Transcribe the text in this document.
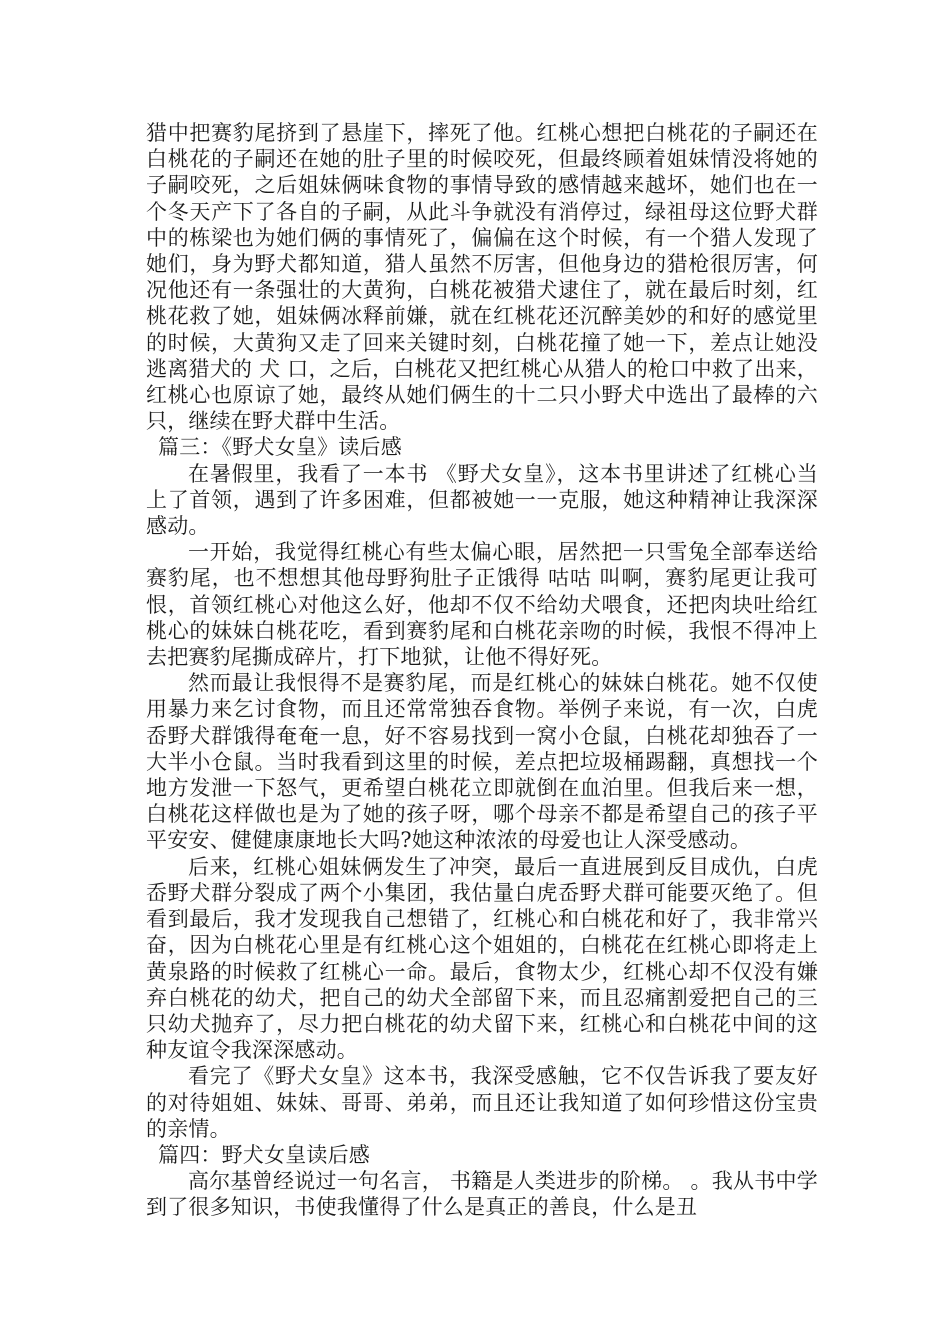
猎中把赛豹尾挤到了悬崖下，摔死了他。红桃心想把白桃花的子嗣还在白桃花的子嗣还在她的肚子里的时候咬死，但最终顾着姐妹情没将她的子嗣咬死，之后姐妹俩味食物的事情导致的感情越来越坏，她们也在一个冬天产下了各自的子嗣，从此斗争就没有消停过，绿祖母这位野犬群中的栋梁也为她们俩的事情死了，偏偏在这个时候，有一个猎人发现了她们，身为野犬都知道，猎人虽然不厉害，但他身边的猎枪很厉害，何况他还有一条强壮的大黄狗，白桃花被猎犬逮住了，就在最后时刻，红桃花救了她，姐妹俩冰释前嫌，就在红桃花还沉醉美妙的和好的感觉里的时候，大黄狗又走了回来关键时刻，白桃花撞了她一下，差点让她没逃离猎犬的 犬 口，之后，白桃花又把红桃心从猎人的枪口中救了出来，红桃心也原谅了她，最终从她们俩生的十二只小野犬中选出了最棒的六只，继续在野犬群中生活。

篇三：《野犬女皇》读后感

在暑假里，我看了一本书 《野犬女皇》，这本书里讲述了红桃心当上了首领，遇到了许多困难，但都被她一一克服，她这种精神让我深深感动。

一开始，我觉得红桃心有些太偏心眼，居然把一只雪兔全部奉送给赛豹尾，也不想想其他母野狗肚子正饿得 咕咕 叫啊，赛豹尾更让我可恨，首领红桃心对他这么好，他却不仅不给幼犬喂食，还把肉块吐给红桃心的妹妹白桃花吃，看到赛豹尾和白桃花亲吻的时候，我恨不得冲上去把赛豹尾撕成碎片，打下地狱，让他不得好死。

然而最让我恨得不是赛豹尾，而是红桃心的妹妹白桃花。她不仅使用暴力来乞讨食物，而且还常常独吞食物。举例子来说，有一次，白虎岙野犬群饿得奄奄一息，好不容易找到一窝小仓鼠，白桃花却独吞了一大半小仓鼠。当时我看到这里的时候，差点把垃圾桶踢翻，真想找一个地方发泄一下怒气，更希望白桃花立即就倒在血泊里。但我后来一想，白桃花这样做也是为了她的孩子呀，哪个母亲不都是希望自己的孩子平平安安、健健康康地长大吗?她这种浓浓的母爱也让人深受感动。

后来，红桃心姐妹俩发生了冲突，最后一直进展到反目成仇，白虎岙野犬群分裂成了两个小集团，我估量白虎岙野犬群可能要灭绝了。但看到最后，我才发现我自己想错了，红桃心和白桃花和好了，我非常兴奋，因为白桃花心里是有红桃心这个姐姐的，白桃花在红桃心即将走上黄泉路的时候救了红桃心一命。最后，食物太少，红桃心却不仅没有嫌弃白桃花的幼犬，把自己的幼犬全部留下来，而且忍痛割爱把自己的三只幼犬抛弃了，尽力把白桃花的幼犬留下来，红桃心和白桃花中间的这种友谊令我深深感动。

看完了《野犬女皇》这本书，我深受感触，它不仅告诉我了要友好的对待姐姐、妹妹、哥哥、弟弟，而且还让我知道了如何珍惜这份宝贵的亲情。

篇四：野犬女皇读后感

高尔基曾经说过一句名言， 书籍是人类进步的阶梯。 。我从书中学到了很多知识，书使我懂得了什么是真正的善良，什么是丑
